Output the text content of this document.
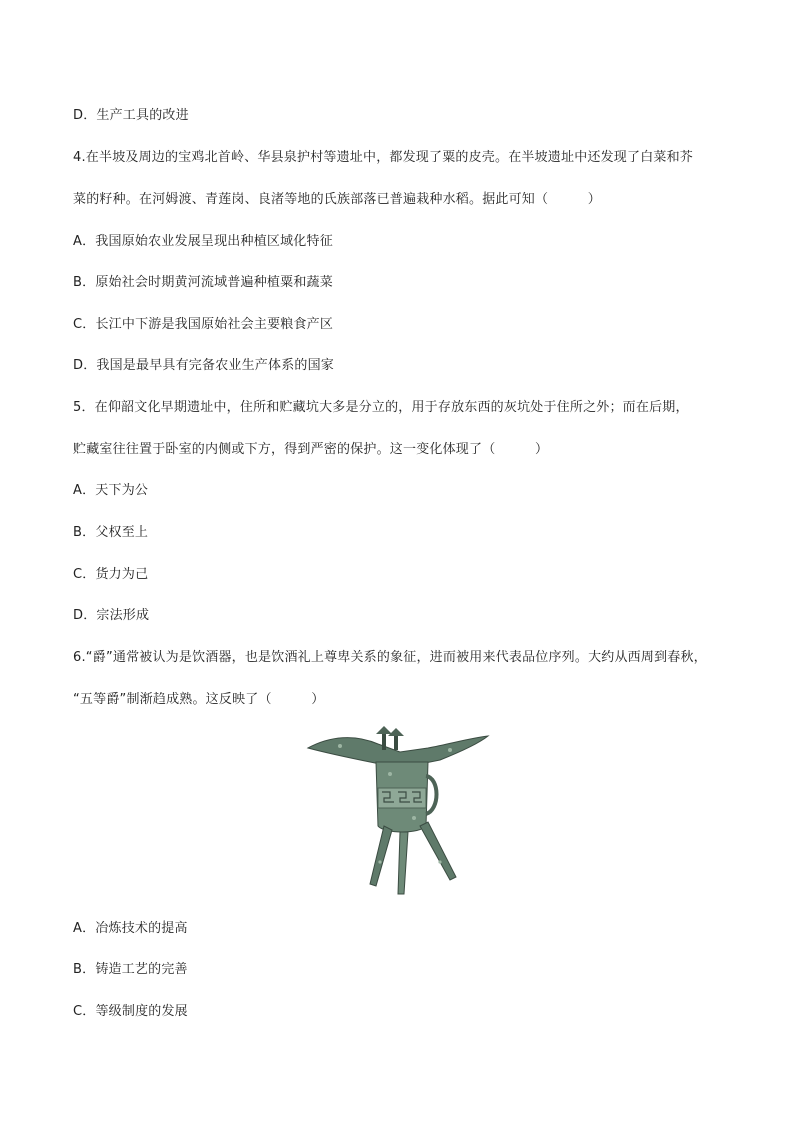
D．生产工具的改进
4.在半坡及周边的宝鸡北首岭、华县泉护村等遗址中，都发现了粟的皮壳。在半坡遗址中还发现了白菜和芥
菜的籽种。在河姆渡、青莲岗、良渚等地的氏族部落已普遍栽种水稻。据此可知（　　　）
A．我国原始农业发展呈现出种植区域化特征
B．原始社会时期黄河流域普遍种植粟和蔬菜
C．长江中下游是我国原始社会主要粮食产区
D．我国是最早具有完备农业生产体系的国家
5．在仰韶文化早期遗址中，住所和贮藏坑大多是分立的，用于存放东西的灰坑处于住所之外；而在后期，
贮藏室往往置于卧室的内侧或下方，得到严密的保护。这一变化体现了（　　　）
A．天下为公
B．父权至上
C．货力为己
D．宗法形成
6.“爵”通常被认为是饮酒器，也是饮酒礼上尊卑关系的象征，进而被用来代表品位序列。大约从西周到春秋，
“五等爵”制渐趋成熟。这反映了（　　　）
A．冶炼技术的提高
B．铸造工艺的完善
C．等级制度的发展
